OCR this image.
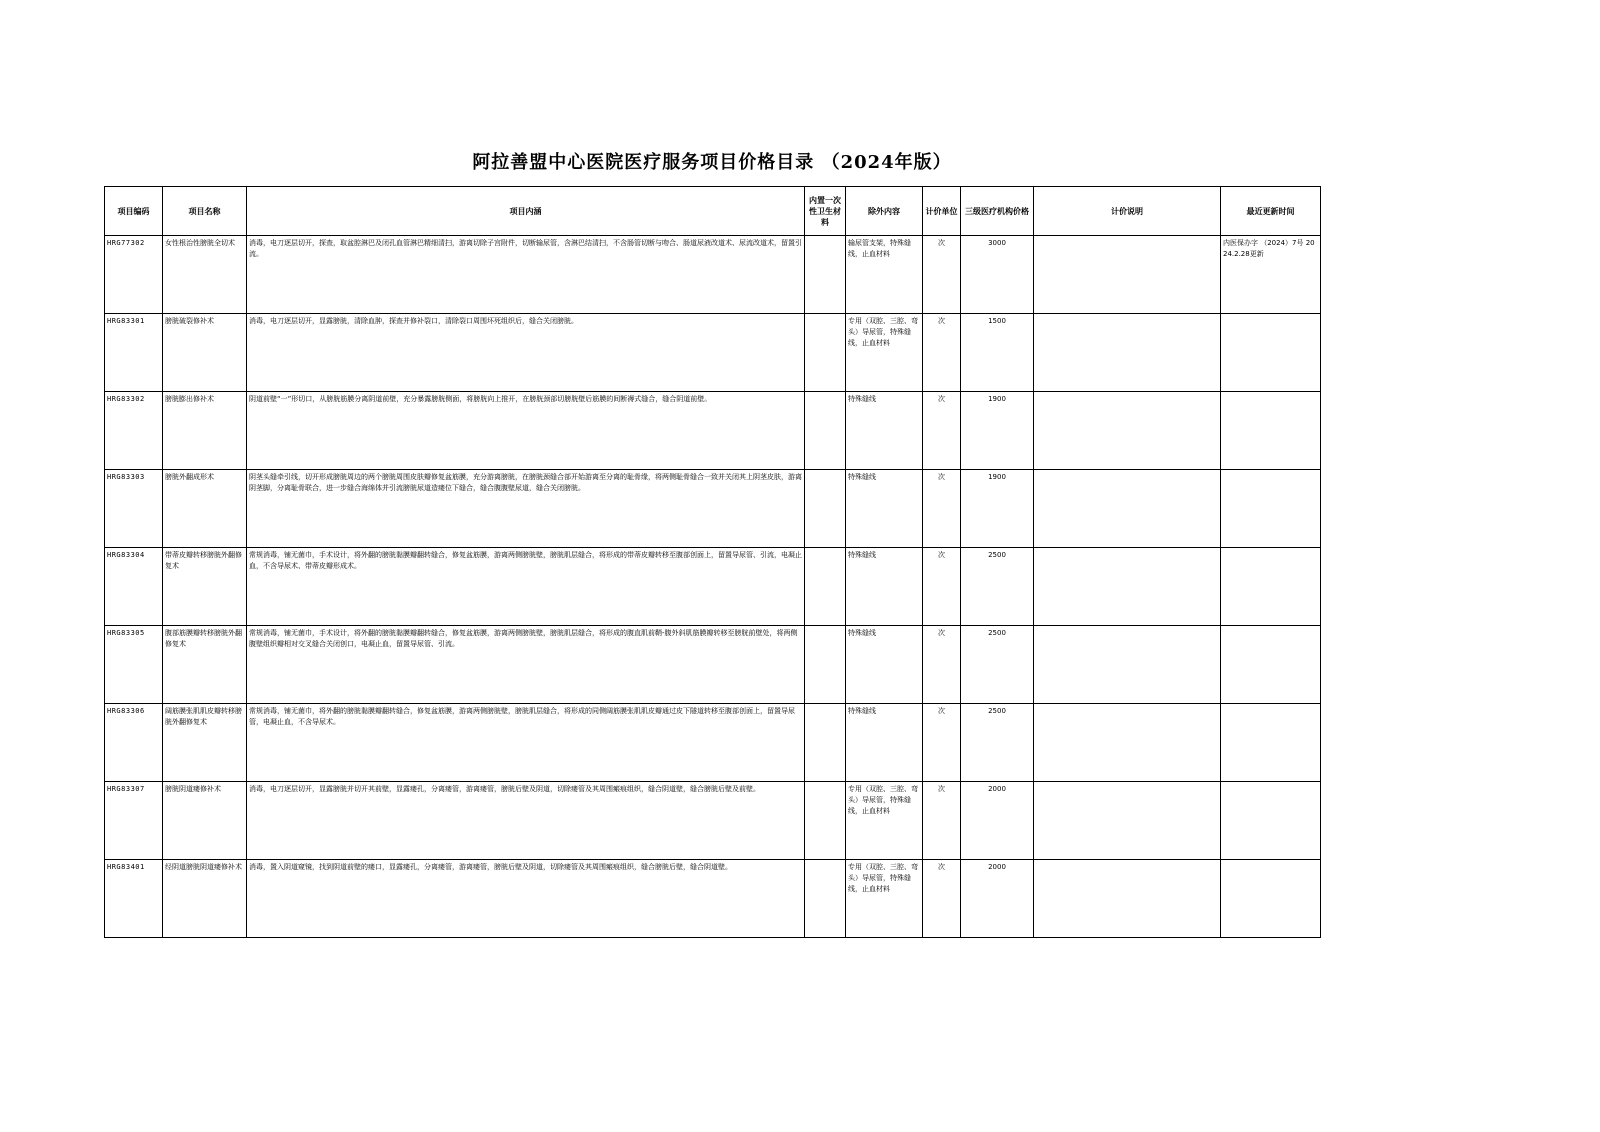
阿拉善盟中心医院医疗服务项目价格目录 （2024年版）
项目编码	项目名称	项目内涵	内置一次性卫生材料	除外内容	计价单位	三级医疗机构价格	计价说明	最近更新时间
HRG77302	女性根治性膀胱全切术	消毒，电刀逐层切开，探查，取盆腔淋巴及闭孔血管淋巴精细清扫，游离切除子宫附件，切断输尿管，含淋巴结清扫，不含肠管切断与吻合、肠道尿液改道术、尿流改道术，留置引流。		输尿管支架，特殊缝线，止血材料	次	3000		内医保办字 （2024）7号 2024.2.28更新
HRG83301	膀胱破裂修补术	消毒，电刀逐层切开，显露膀胱，清除血肿，探查并修补裂口，清除裂口周围坏死组织后，缝合关闭膀胱。		专用（双腔、三腔、弯头）导尿管，特殊缝线，止血材料	次	1500		
HRG83302	膀胱膨出修补术	阴道前壁“一”形切口，从膀胱筋膜分离阴道前壁，充分暴露膀胱侧面，将膀胱向上推开，在膀胱颈部切膀胱壁后筋膜的间断褥式缝合，缝合阴道前壁。		特殊缝线	次	1900		
HRG83303	膀胱外翻成形术	阴茎头缝牵引线，切开形成膀胱周边的两个膀胱周围皮肤瓣修复盆筋膜，充分游离膀胱，在膀胱颈缝合部开始游离至分离的耻骨缘，将两侧耻骨缝合一致并关闭其上阴茎皮肤，游离阴茎脚，分离耻骨联合，进一步缝合海绵体并引流膀胱尿道造瘘位下缝合，缝合腹腹壁尿道，缝合关闭膀胱。		特殊缝线	次	1900		
HRG83304	带蒂皮瓣转移膀胱外翻修复术	常规消毒，铺无菌巾，手术设计，将外翻的膀胱黏膜瓣翻转缝合，修复盆筋膜，游离两侧膀胱壁，膀胱肌层缝合，将形成的带蒂皮瓣转移至腹部创面上，留置导尿管、引流，电凝止血，不含导尿术、带蒂皮瓣形成术。		特殊缝线	次	2500		
HRG83305	腹部筋膜瓣转移膀胱外翻修复术	常规消毒，铺无菌巾，手术设计，将外翻的膀胱黏膜瓣翻转缝合，修复盆筋膜，游离两侧膀胱壁，膀胱肌层缝合，将形成的腹直肌前鞘-腹外斜肌筋膜瓣转移至膀胱前壁处，将两侧腹壁组织瓣相对交叉缝合关闭创口，电凝止血，留置导尿管、引流。		特殊缝线	次	2500		
HRG83306	阔筋膜张肌肌皮瓣转移膀胱外翻修复术	常规消毒，铺无菌巾，将外翻的膀胱黏膜瓣翻转缝合，修复盆筋膜，游离两侧膀胱壁，膀胱肌层缝合，将形成的同侧阔筋膜张肌肌皮瓣通过皮下隧道转移至腹部创面上，留置导尿管，电凝止血，不含导尿术。		特殊缝线	次	2500		
HRG83307	膀胱阴道瘘修补术	消毒，电刀逐层切开，显露膀胱并切开其前壁，显露瘘孔，分离瘘管，游离瘘管，膀胱后壁及阴道，切除瘘管及其周围瘢痕组织，缝合阴道壁，缝合膀胱后壁及前壁。		专用（双腔、三腔、弯头）导尿管，特殊缝线，止血材料	次	2000		
HRG83401	经阴道膀胱阴道瘘修补术	消毒，置入阴道窥镜，找到阴道前壁的瘘口，显露瘘孔，分离瘘管，游离瘘管，膀胱后壁及阴道，切除瘘管及其周围瘢痕组织，缝合膀胱后壁，缝合阴道壁。		专用（双腔、三腔、弯头）导尿管，特殊缝线，止血材料	次	2000		
